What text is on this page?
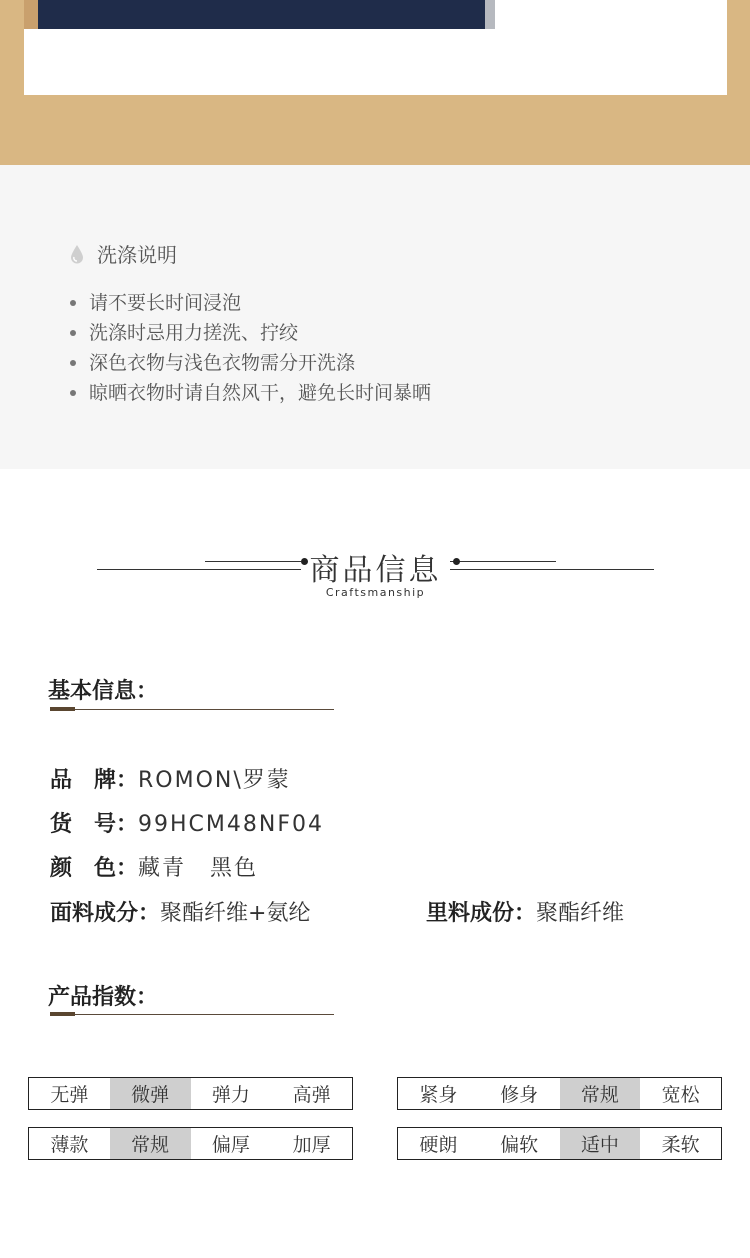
洗涤说明
请不要长时间浸泡
洗涤时忌用力搓洗、拧绞
深色衣物与浅色衣物需分开洗涤
晾晒衣物时请自然风干，避免长时间暴晒
商品信息
Craftsmanship
基本信息：
品　牌：ROMON\罗蒙
货　号：99HCM48NF04
颜　色：藏青　黑色
面料成分：聚酯纤维+氨纶	里料成份：聚酯纤维
产品指数：
无弹	微弹	弹力	高弹	紧身	修身	常规	宽松
薄款	常规	偏厚	加厚	硬朗	偏软	适中	柔软
